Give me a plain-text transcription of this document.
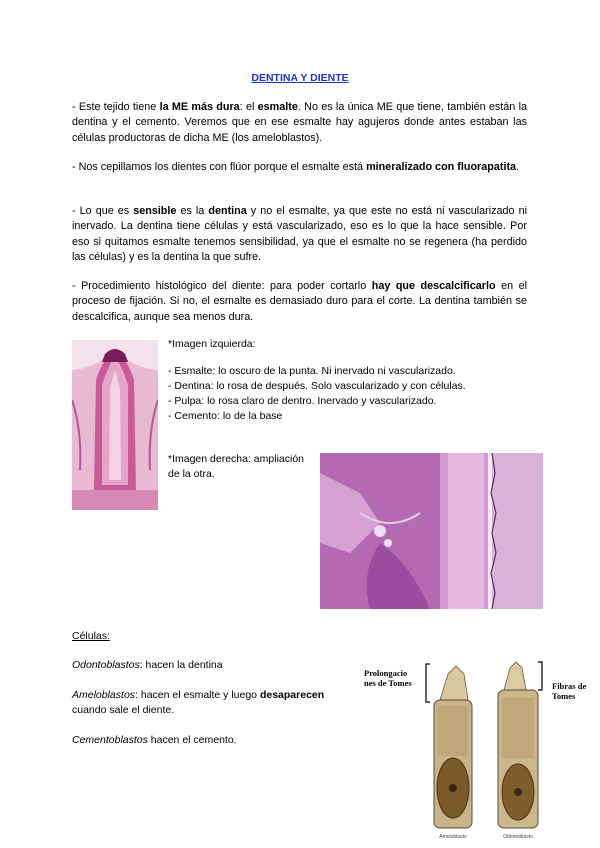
DENTINA Y DIENTE
- Este tejido tiene la ME más dura: el esmalte. No es la única ME que tiene, también están la dentina y el cemento. Veremos que en ese esmalte hay agujeros donde antes estaban las células productoras de dicha ME (los ameloblastos).
- Nos cepillamos los dientes con flúor porque el esmalte está mineralizado con fluorapatita.
- Lo que es sensible es la dentina y no el esmalte, ya que este no está ni vascularizado ni inervado. La dentina tiene células y está vascularizado, eso es lo que la hace sensible. Por eso si quitamos esmalte tenemos sensibilidad, ya que el esmalte no se regenera (ha perdido las células) y es la dentina la que sufre.
- Procedimiento histológico del diente: para poder cortarlo hay que descalcificarlo en el proceso de fijación. Si no, el esmalte es demasiado duro para el corte. La dentina también se descalcifica, aunque sea menos dura.
*Imagen izquierda:
- Esmalte: lo oscuro de la punta. Ni inervado ni vascularizado.
- Dentina: lo rosa de después. Solo vascularizado y con células.
- Pulpa: lo rosa claro de dentro. Inervado y vascularizado.
- Cemento: lo de la base
*Imagen derecha: ampliación de la otra.
Células:
Odontoblastos: hacen la dentina
Ameloblastos: hacen el esmalte y luego desaparecen cuando sale el diente.
Cementoblastos hacen el cemento.
Prolongacio nes de Tomes	Fibras de Tomes
Ameloblasto	Odontoblasto
